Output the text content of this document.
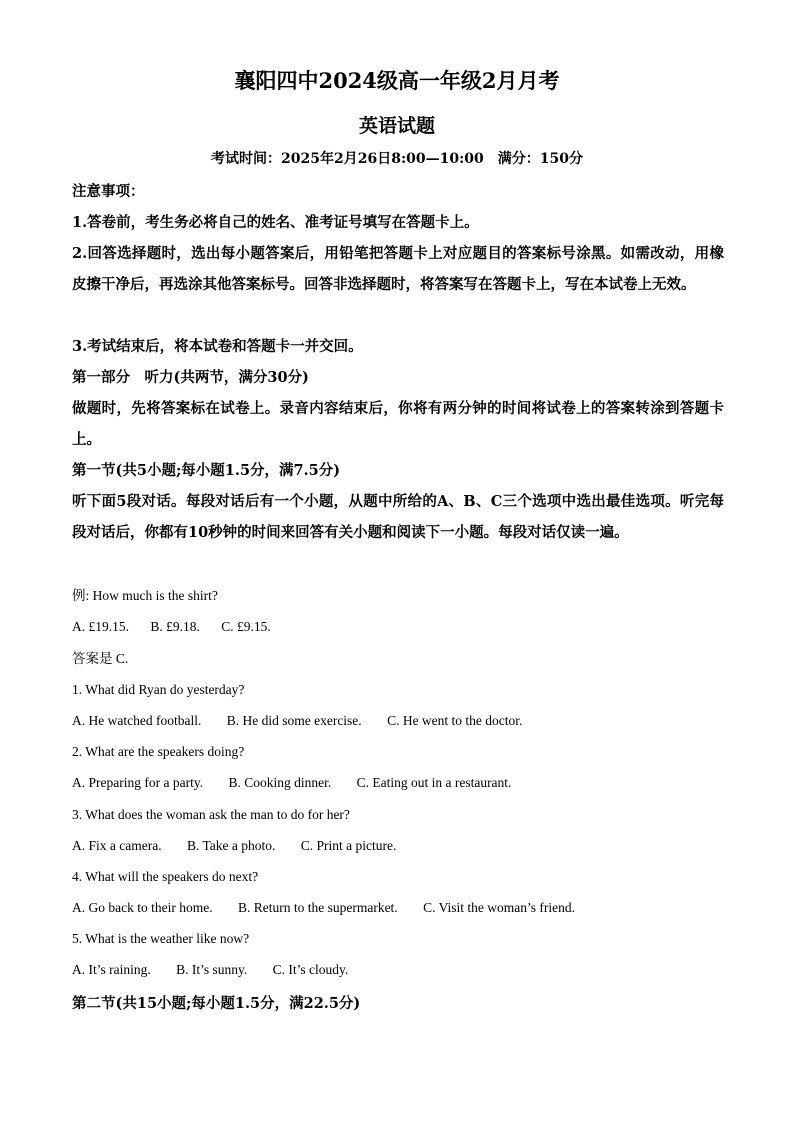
襄阳四中2024级高一年级2月月考
英语试题
考试时间：2025年2月26日8:00—10:00　满分：150分
注意事项：
1.答卷前，考生务必将自己的姓名、准考证号填写在答题卡上。
2.回答选择题时，选出每小题答案后，用铅笔把答题卡上对应题目的答案标号涂黑。如需改动，用橡皮擦干净后，再选涂其他答案标号。回答非选择题时，将答案写在答题卡上，写在本试卷上无效。
3.考试结束后，将本试卷和答题卡一并交回。
第一部分　听力(共两节，满分30分)
做题时，先将答案标在试卷上。录音内容结束后，你将有两分钟的时间将试卷上的答案转涂到答题卡上。
第一节(共5小题;每小题1.5分，满7.5分)
听下面5段对话。每段对话后有一个小题，从题中所给的A、B、C三个选项中选出最佳选项。听完每段对话后，你都有10秒钟的时间来回答有关小题和阅读下一小题。每段对话仅读一遍。
例: How much is the shirt?
A. £19.15. B. £9.18. C. £9.15.
答案是 C.
1. What did Ryan do yesterday?
A. He watched football. B. He did some exercise. C. He went to the doctor.
2. What are the speakers doing?
A. Preparing for a party. B. Cooking dinner. C. Eating out in a restaurant.
3. What does the woman ask the man to do for her?
A. Fix a camera. B. Take a photo. C. Print a picture.
4. What will the speakers do next?
A. Go back to their home. B. Return to the supermarket. C. Visit the woman’s friend.
5. What is the weather like now?
A. It’s raining. B. It’s sunny. C. It’s cloudy.
第二节(共15小题;每小题1.5分，满22.5分)
